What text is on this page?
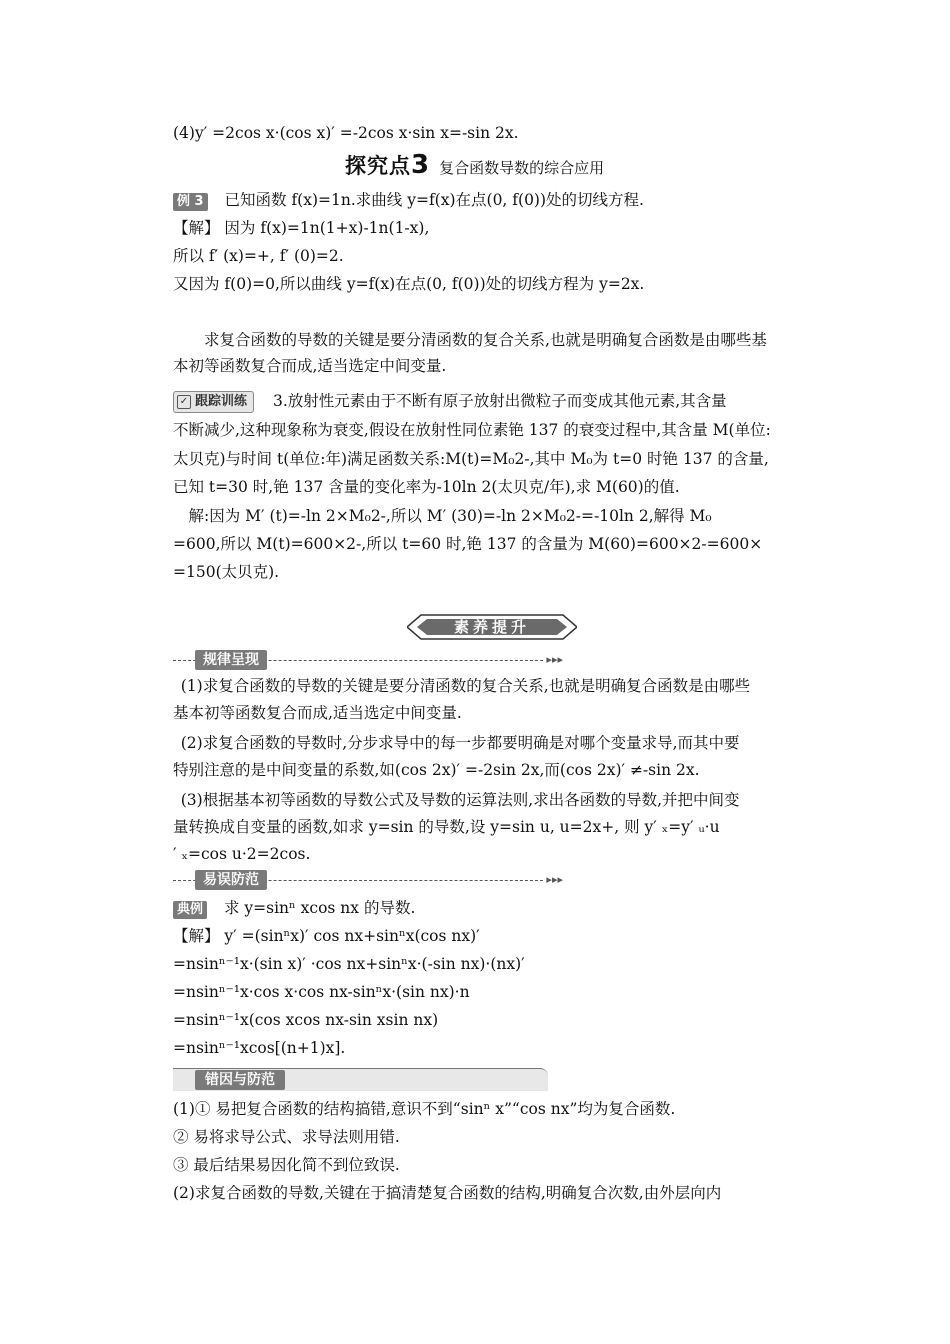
(4)y′ =2cos x·(cos x)′ =-2cos x·sin x=-sin 2x.
探究点3 复合函数导数的综合应用
例 3 已知函数 f(x)=1n.求曲线 y=f(x)在点(0, f(0))处的切线方程.
【解】 因为 f(x)=1n(1+x)-1n(1-x),
所以 f′ (x)=+, f′ (0)=2.
又因为 f(0)=0,所以曲线 y=f(x)在点(0, f(0))处的切线方程为 y=2x.
求复合函数的导数的关键是要分清函数的复合关系,也就是明确复合函数是由哪些基
本初等函数复合而成,适当选定中间变量.
✓ 跟踪训练 3.放射性元素由于不断有原子放射出微粒子而变成其他元素,其含量
不断减少,这种现象称为衰变,假设在放射性同位素铯 137 的衰变过程中,其含量 M(单位:
太贝克)与时间 t(单位:年)满足函数关系:M(t)=M₀2-,其中 M₀为 t=0 时铯 137 的含量,
已知 t=30 时,铯 137 含量的变化率为-10ln 2(太贝克/年),求 M(60)的值.
解:因为 M′ (t)=-ln 2×M₀2-,所以 M′ (30)=-ln 2×M₀2-=-10ln 2,解得 M₀
=600,所以 M(t)=600×2-,所以 t=60 时,铯 137 的含量为 M(60)=600×2-=600×
=150(太贝克).
素养提升
规律呈现	▸▸▸
(1)求复合函数的导数的关键是要分清函数的复合关系,也就是明确复合函数是由哪些
基本初等函数复合而成,适当选定中间变量.
(2)求复合函数的导数时,分步求导中的每一步都要明确是对哪个变量求导,而其中要
特别注意的是中间变量的系数,如(cos 2x)′ =-2sin 2x,而(cos 2x)′ ≠-sin 2x.
(3)根据基本初等函数的导数公式及导数的运算法则,求出各函数的导数,并把中间变
量转换成自变量的函数,如求 y=sin 的导数,设 y=sin u, u=2x+, 则 y′ ₓ=y′ ᵤ·u
′ ₓ=cos u·2=2cos.
易误防范	▸▸▸
典例 求 y=sinⁿ xcos nx 的导数.
【解】 y′ =(sinⁿx)′ cos nx+sinⁿx(cos nx)′
=nsinⁿ⁻¹x·(sin x)′ ·cos nx+sinⁿx·(-sin nx)·(nx)′
=nsinⁿ⁻¹x·cos x·cos nx-sinⁿx·(sin nx)·n
=nsinⁿ⁻¹x(cos xcos nx-sin xsin nx)
=nsinⁿ⁻¹xcos[(n+1)x].
错因与防范
(1)① 易把复合函数的结构搞错,意识不到“sinⁿ x”“cos nx”均为复合函数.
② 易将求导公式、求导法则用错.
③ 最后结果易因化简不到位致误.
(2)求复合函数的导数,关键在于搞清楚复合函数的结构,明确复合次数,由外层向内
